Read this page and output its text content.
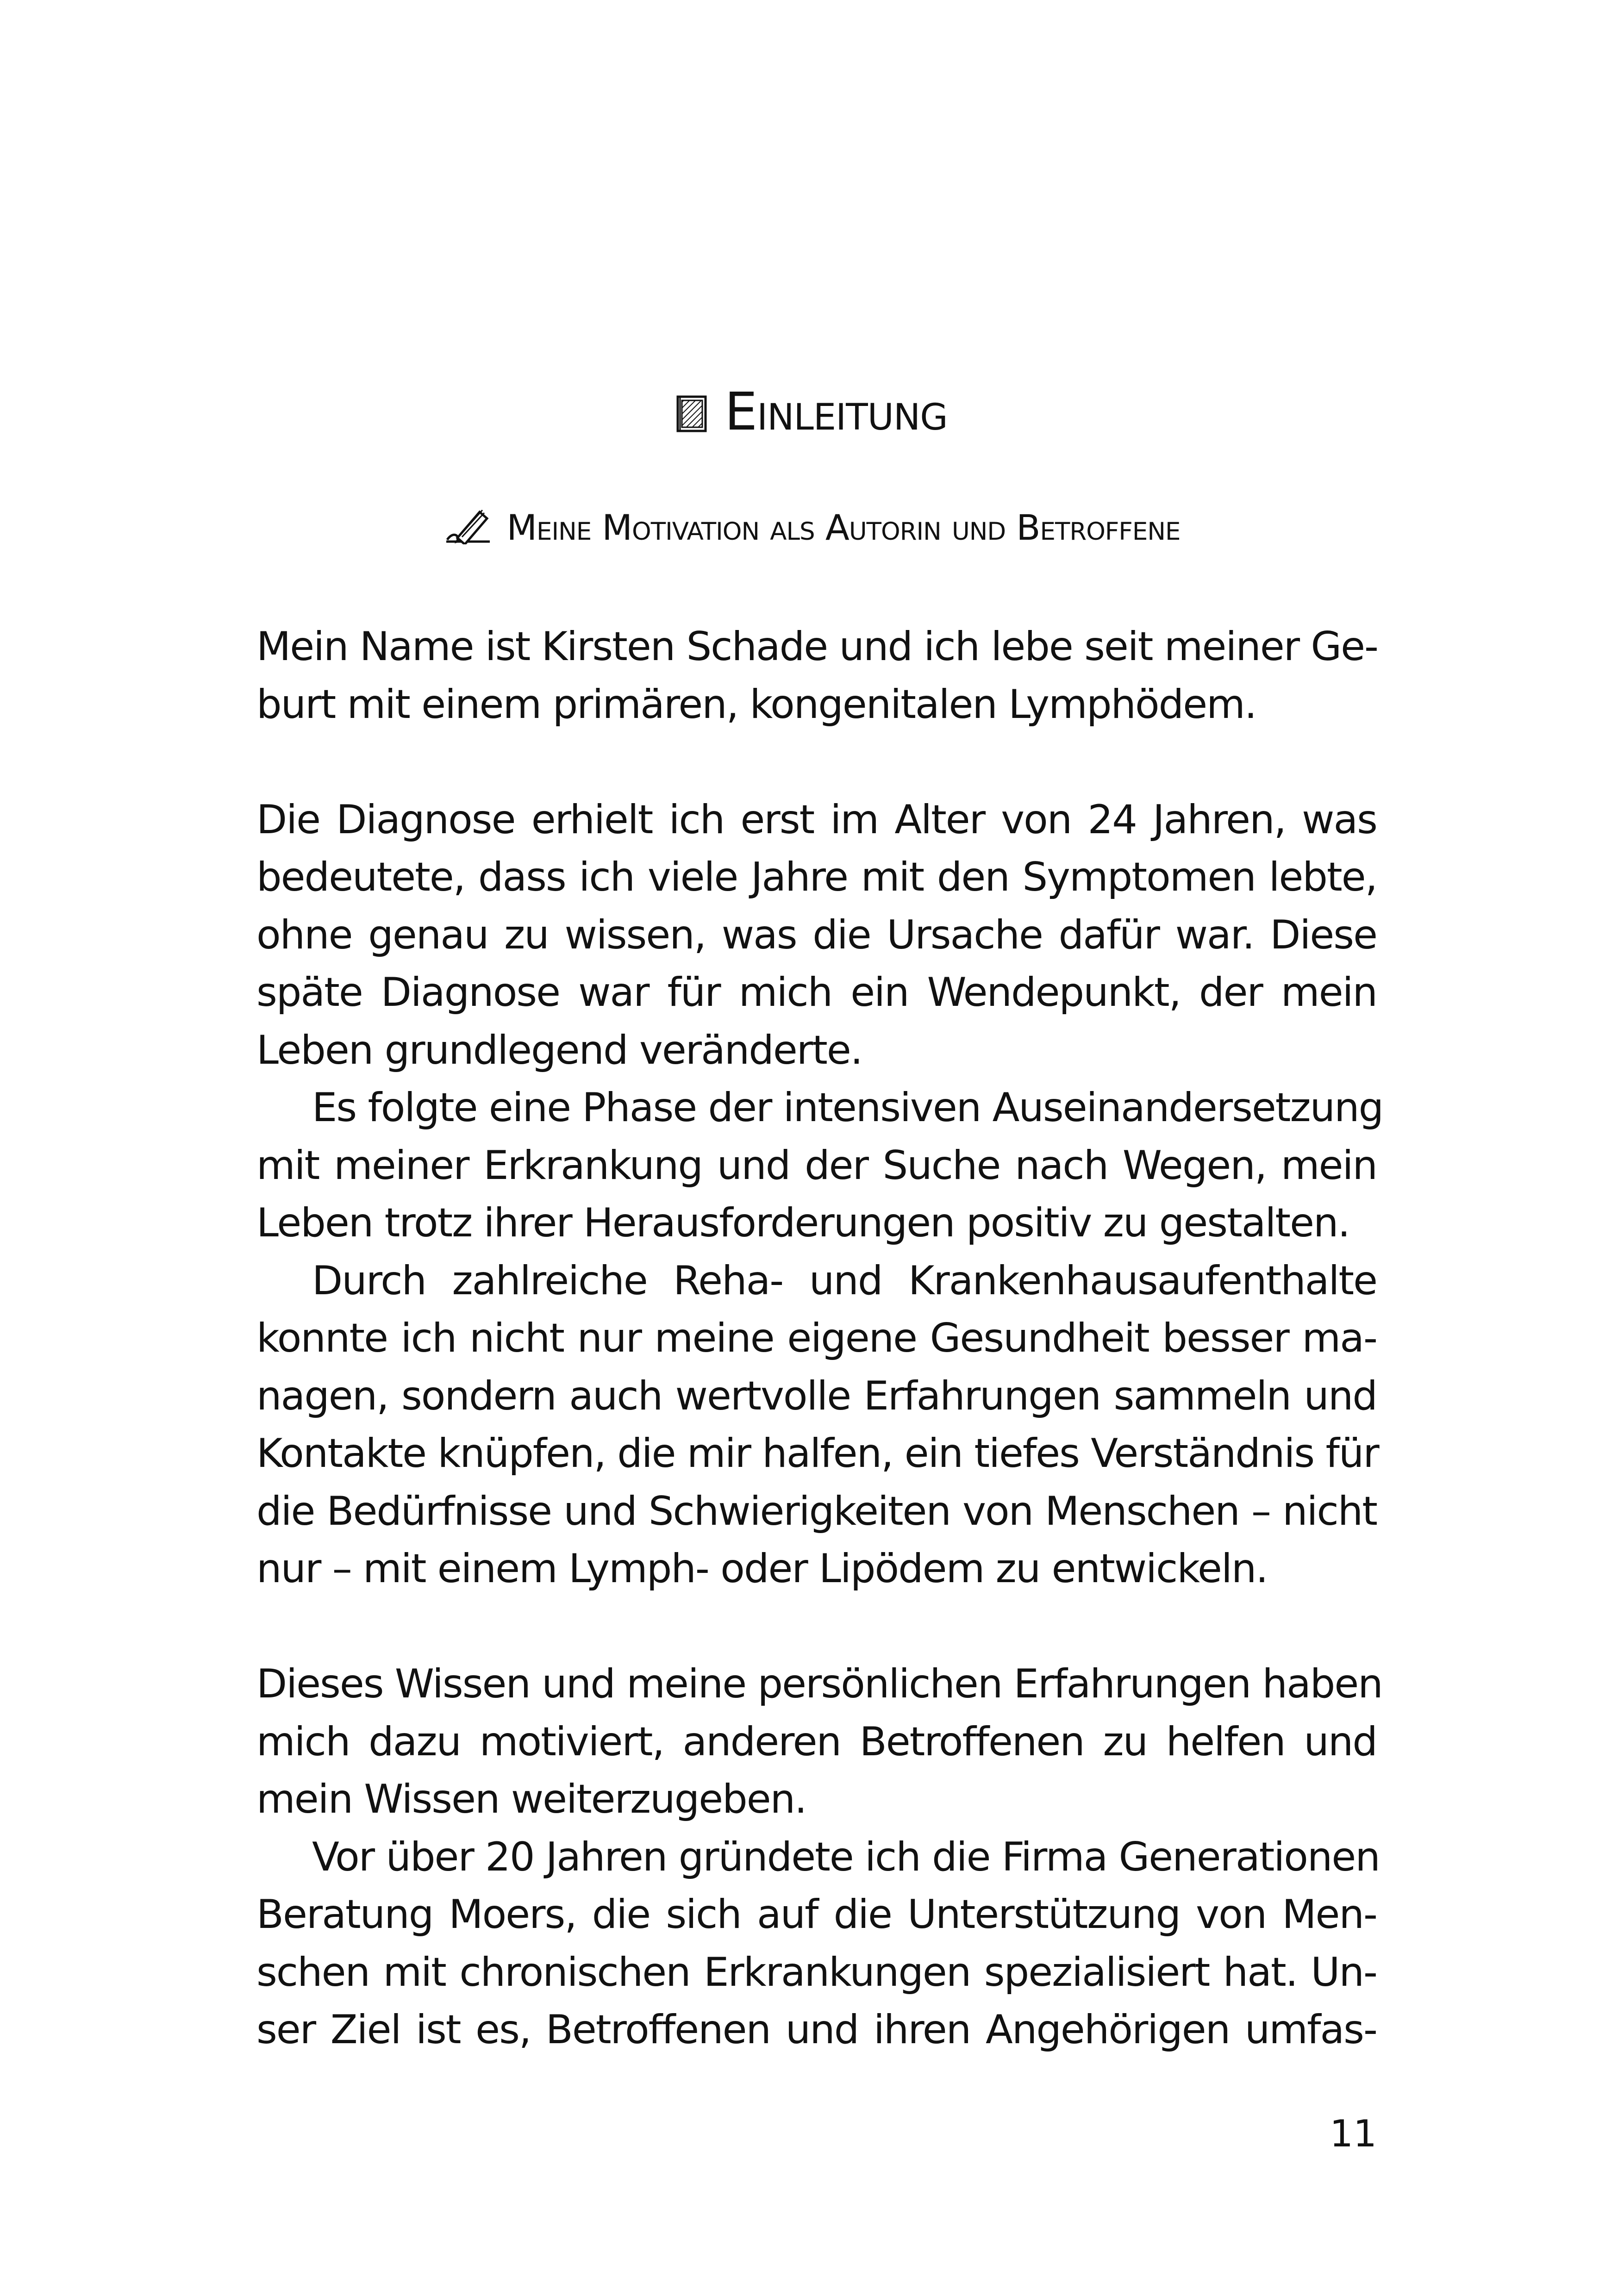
Einleitung
Meine Motivation als Autorin und Betroffene
Mein Name ist Kirsten Schade und ich lebe seit meiner Ge-
burt mit einem primären, kongenitalen Lymphödem.
Die Diagnose erhielt ich erst im Alter von 24 Jahren, was
bedeutete, dass ich viele Jahre mit den Symptomen lebte,
ohne genau zu wissen, was die Ursache dafür war. Diese
späte Diagnose war für mich ein Wendepunkt, der mein
Leben grundlegend veränderte.
Es folgte eine Phase der intensiven Auseinandersetzung
mit meiner Erkrankung und der Suche nach Wegen, mein
Leben trotz ihrer Herausforderungen positiv zu gestalten.
Durch zahlreiche Reha- und Krankenhausaufenthalte
konnte ich nicht nur meine eigene Gesundheit besser ma-
nagen, sondern auch wertvolle Erfahrungen sammeln und
Kontakte knüpfen, die mir halfen, ein tiefes Verständnis für
die Bedürfnisse und Schwierigkeiten von Menschen – nicht
nur – mit einem Lymph- oder Lipödem zu entwickeln.
Dieses Wissen und meine persönlichen Erfahrungen haben
mich dazu motiviert, anderen Betroffenen zu helfen und
mein Wissen weiterzugeben.
Vor über 20 Jahren gründete ich die Firma Generationen
Beratung Moers, die sich auf die Unterstützung von Men-
schen mit chronischen Erkrankungen spezialisiert hat. Un-
ser Ziel ist es, Betroffenen und ihren Angehörigen umfas-
11
